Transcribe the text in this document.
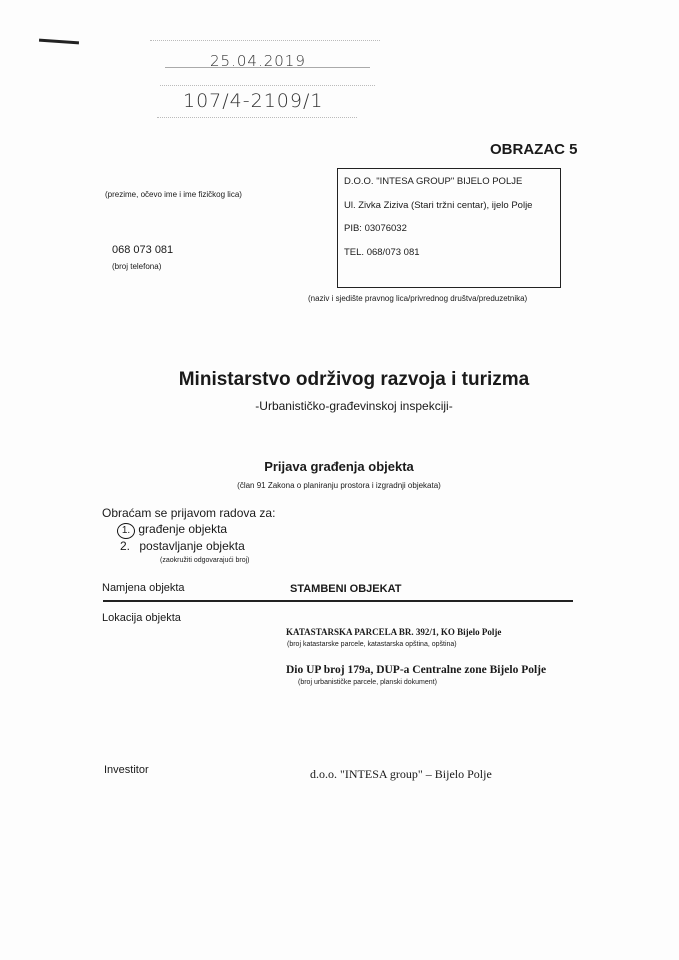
25.04.2019
107/4-2109/1
OBRAZAC 5
(prezime, očevo ime i ime fizičkog lica)
068 073 081
(broj telefona)
D.O.O. "INTESA GROUP" BIJELO POLJE
Ul. Zivka Ziziva (Stari tržni centar), ijelo Polje
PIB: 03076032
TEL. 068/073 081
(naziv i sjedište pravnog lica/privrednog društva/preduzetnika)
Ministarstvo održivog razvoja i turizma
-Urbanističko-građevinskoj inspekciji-
Prijava građenja objekta
(član 91 Zakona o planiranju prostora i izgradnji objekata)
Obraćam se prijavom radova za:
1. građenje objekta
2. postavljanje objekta
(zaokružiti odgovarajući broj)
Namjena objekta	STAMBENI OBJEKAT
Lokacija objekta
KATASTARSKA PARCELA BR. 392/1, KO Bijelo Polje
(broj katastarske parcele, katastarska opština, opština)
Dio UP broj 179a, DUP-a Centralne zone Bijelo Polje
(broj urbanističke parcele, planski dokument)
Investitor	d.o.o. "INTESA group" – Bijelo Polje
